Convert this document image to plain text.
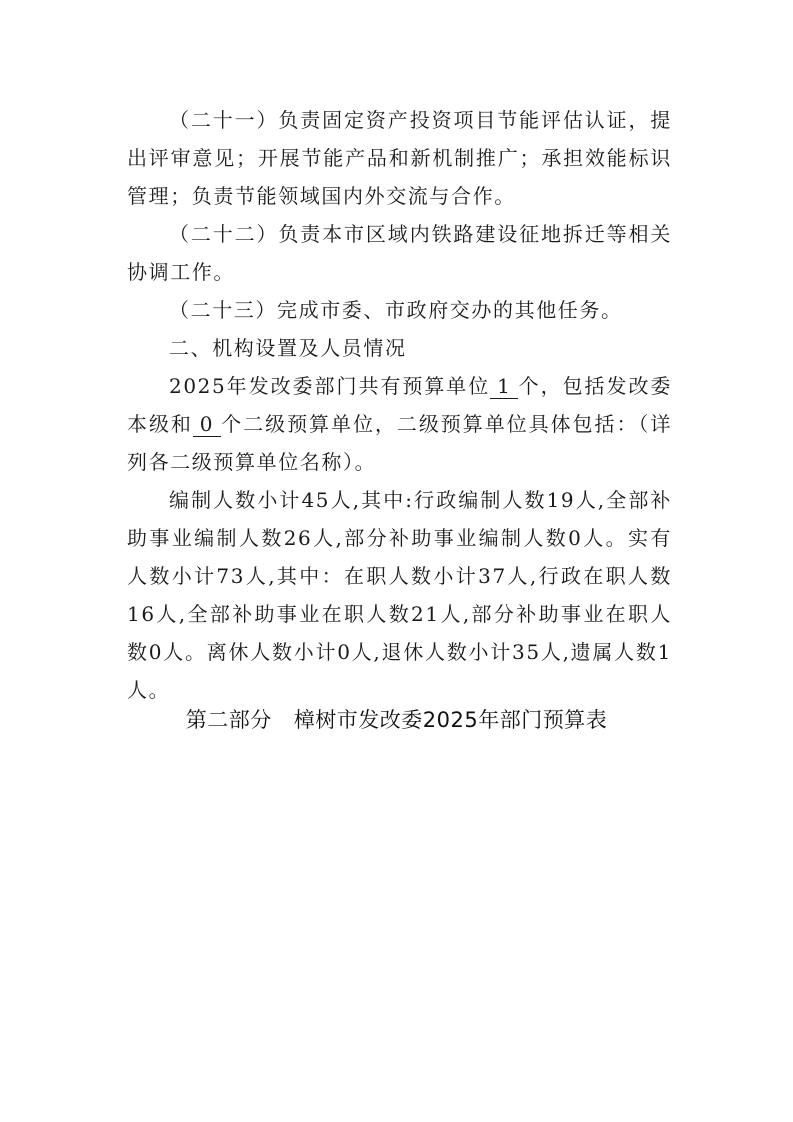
（二十一）负责固定资产投资项目节能评估认证，提出评审意见；开展节能产品和新机制推广；承担效能标识管理；负责节能领域国内外交流与合作。

（二十二）负责本市区域内铁路建设征地拆迁等相关协调工作。

（二十三）完成市委、市政府交办的其他任务。

二、机构设置及人员情况

2025年发改委部门共有预算单位 1 个，包括发改委本级和 0 个二级预算单位，二级预算单位具体包括：（详列各二级预算单位名称）。

编制人数小计45人,其中:行政编制人数19人,全部补助事业编制人数26人,部分补助事业编制人数0人。实有人数小计73人,其中：在职人数小计37人,行政在职人数16人,全部补助事业在职人数21人,部分补助事业在职人数0人。离休人数小计0人,退休人数小计35人,遗属人数1人。

第二部分 樟树市发改委2025年部门预算表
